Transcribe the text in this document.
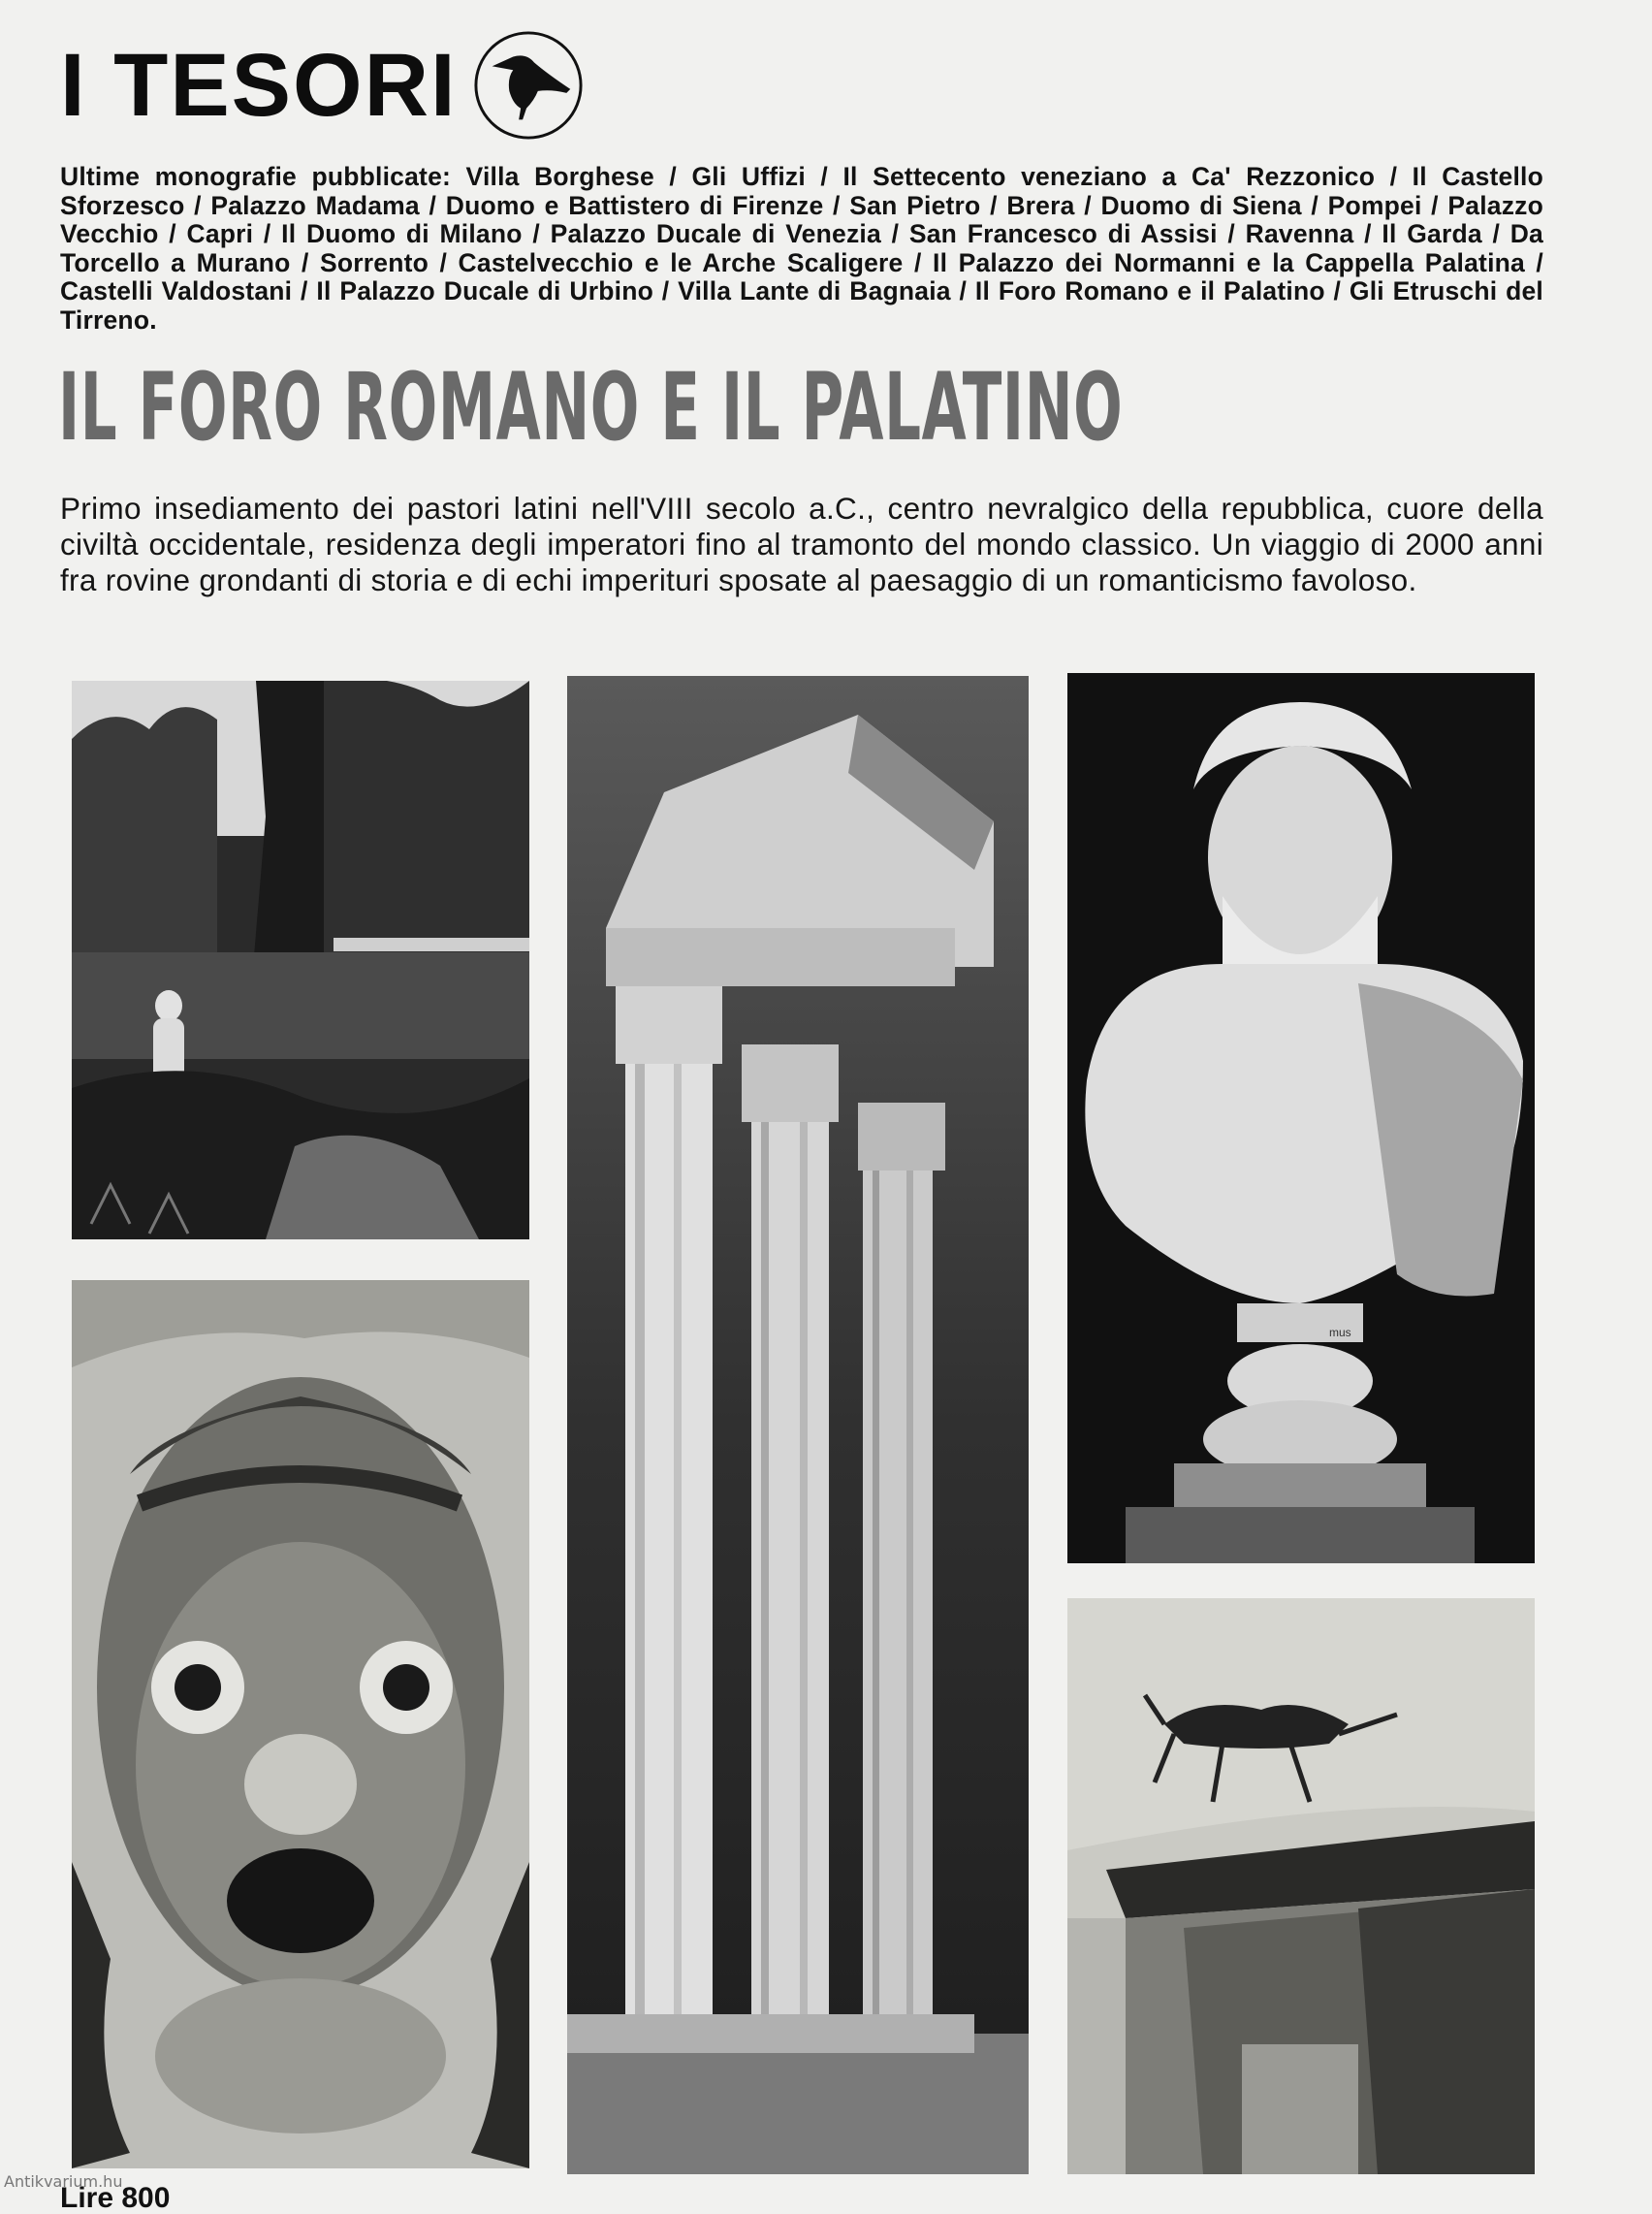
I TESORI
Ultime monografie pubblicate: Villa Borghese / Gli Uffizi / Il Settecento veneziano a Ca' Rezzonico / Il Castello Sforzesco / Palazzo Madama / Duomo e Battistero di Firenze / San Pietro / Brera / Duomo di Siena / Pompei / Palazzo Vecchio / Capri / Il Duomo di Milano / Palazzo Ducale di Venezia / San Francesco di Assisi / Ravenna / Il Garda / Da Torcello a Murano / Sorrento / Castelvecchio e le Arche Scaligere / Il Palazzo dei Normanni e la Cappella Palatina / Castelli Valdostani / Il Palazzo Ducale di Urbino / Villa Lante di Bagnaia / Il Foro Romano e il Palatino / Gli Etruschi del Tirreno.
IL FORO ROMANO E IL PALATINO
Primo insediamento dei pastori latini nell'VIII secolo a.C., centro nevralgico della repubblica, cuore della civiltà occidentale, residenza degli imperatori fino al tramonto del mondo classico. Un viaggio di 2000 anni fra rovine grondanti di storia e di echi imperituri sposate al paesaggio di un romanticismo favoloso.
mus
Lire 800
Antikvarium.hu
